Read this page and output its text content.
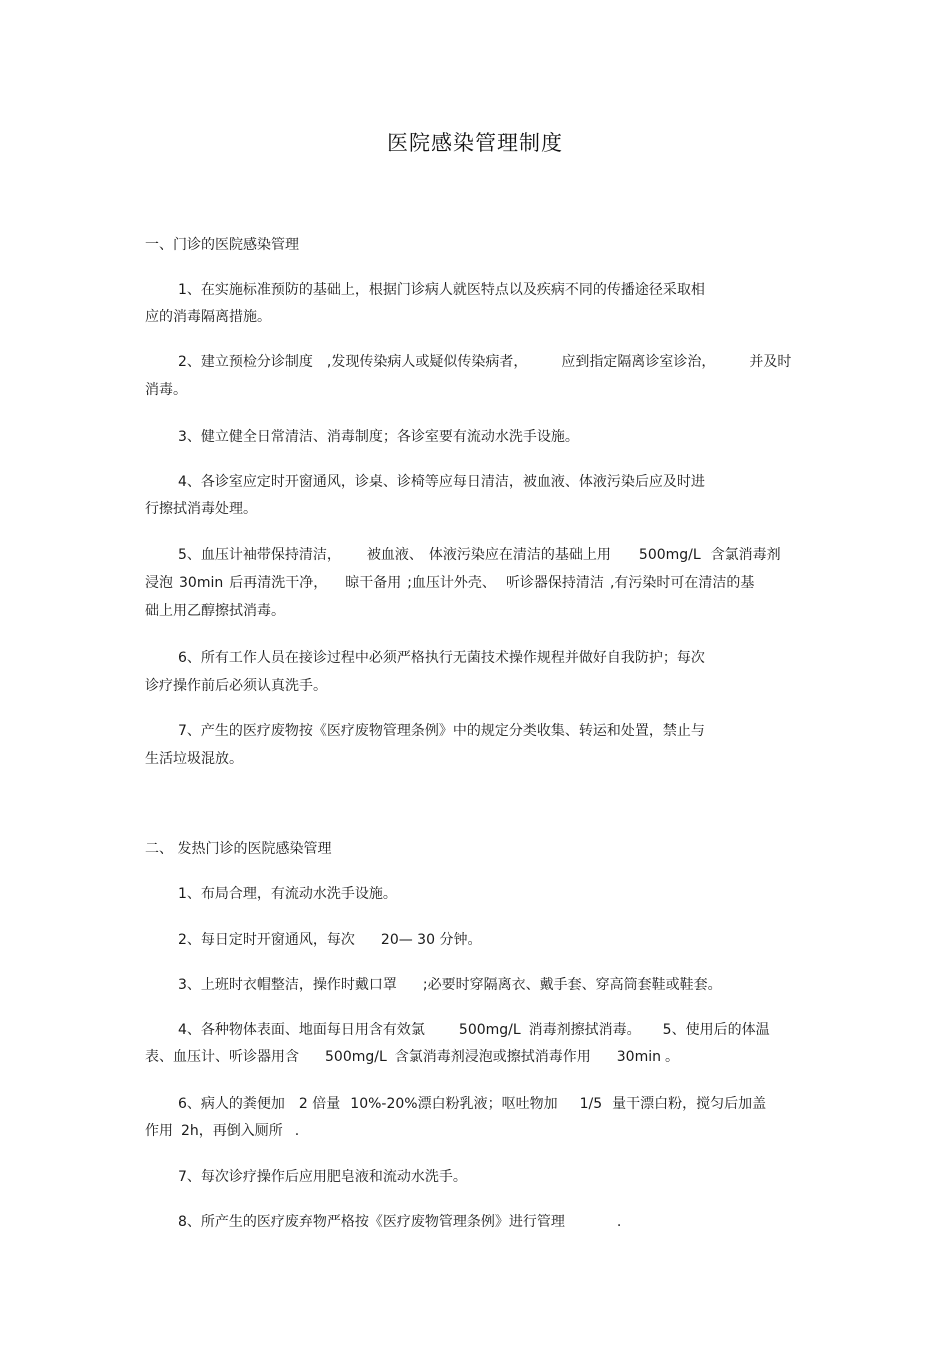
医院感染管理制度
一、门诊的医院感染管理
1、在实施标准预防的基础上，根据门诊病人就医特点以及疾病不同的传播途径采取相
应的消毒隔离措施。
2、建立预检分诊制度 ,发现传染病人或疑似传染病者， 应到指定隔离诊室诊治， 并及时
消毒。
3、健立健全日常清洁、消毒制度；各诊室要有流动水洗手设施。
4、各诊室应定时开窗通风，诊桌、诊椅等应每日清洁，被血液、体液污染后应及时进
行擦拭消毒处理。
5、血压计袖带保持清洁， 被血液、 体液污染应在清洁的基础上用 500mg/L 含氯消毒剂
浸泡 30min 后再清洗干净， 晾干备用 ;血压计外壳、 听诊器保持清洁 ,有污染时可在清洁的基
础上用乙醇擦拭消毒。
6、所有工作人员在接诊过程中必须严格执行无菌技术操作规程并做好自我防护；每次
诊疗操作前后必须认真洗手。
7、产生的医疗废物按《医疗废物管理条例》中的规定分类收集、转运和处置，禁止与
生活垃圾混放。
二、 发热门诊的医院感染管理
1、布局合理，有流动水洗手设施。
2、每日定时开窗通风，每次 20— 30 分钟。
3、上班时衣帽整洁，操作时戴口罩 ;必要时穿隔离衣、戴手套、穿高筒套鞋或鞋套。
4、各种物体表面、地面每日用含有效氯 500mg/L 消毒剂擦拭消毒。 5、使用后的体温
表、血压计、听诊器用含 500mg/L 含氯消毒剂浸泡或擦拭消毒作用 30min 。
6、病人的粪便加 2 倍量 10%-20%漂白粉乳液；呕吐物加 1/5 量干漂白粉，搅匀后加盖
作用 2h，再倒入厕所 .
7、每次诊疗操作后应用肥皂液和流动水洗手。
8、所产生的医疗废弃物严格按《医疗废物管理条例》进行管理	.
